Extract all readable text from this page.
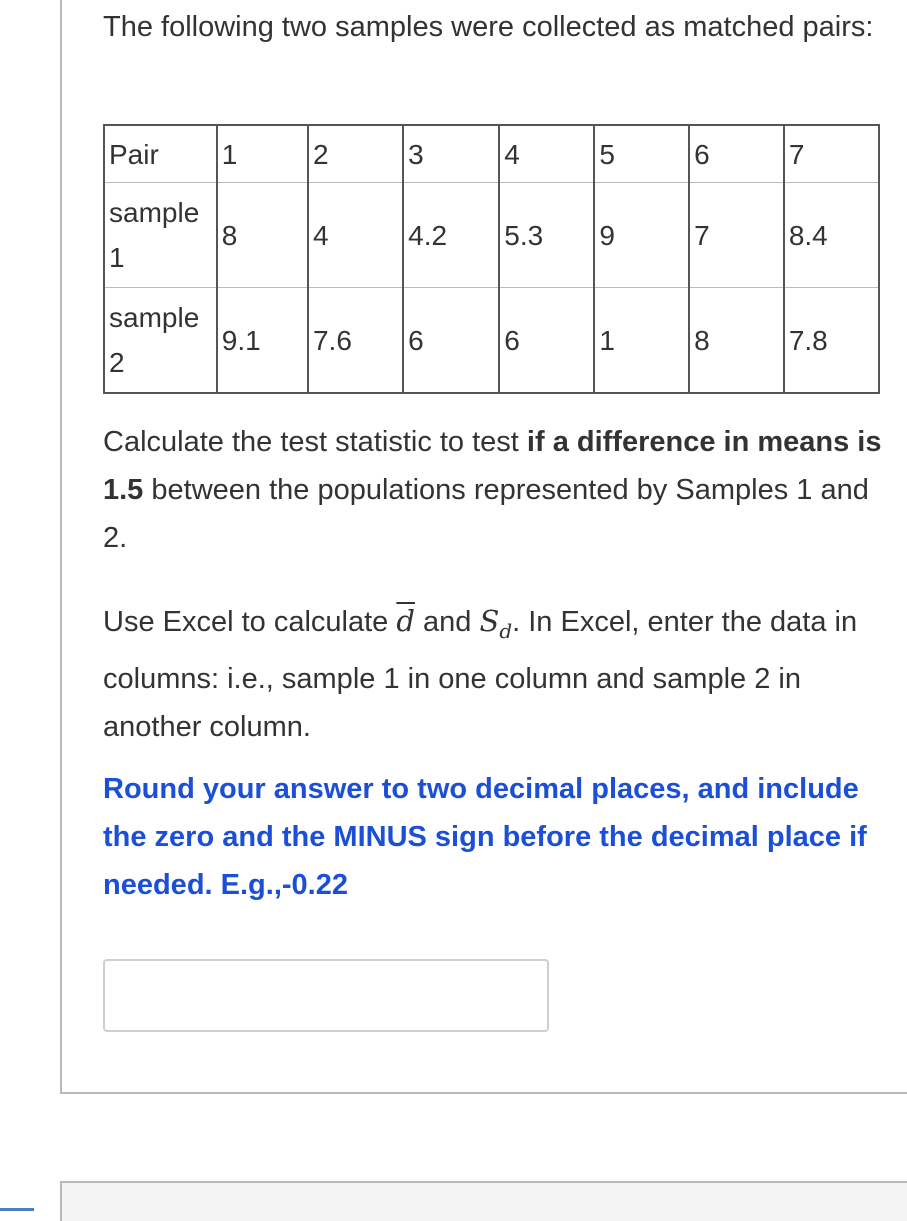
The following two samples were collected as matched pairs:

Pair	1	2	3	4	5	6	7
sample 1	8	4	4.2	5.3	9	7	8.4
sample 2	9.1	7.6	6	6	1	8	7.8

Calculate the test statistic to test if a difference in means is 1.5 between the populations represented by Samples 1 and 2.

Use Excel to calculate $\overline{d}$ and $S_d$. In Excel, enter the data in columns: i.e., sample 1 in one column and sample 2 in another column.

Round your answer to two decimal places, and include the zero and the MINUS sign before the decimal place if needed. E.g.,-0.22
